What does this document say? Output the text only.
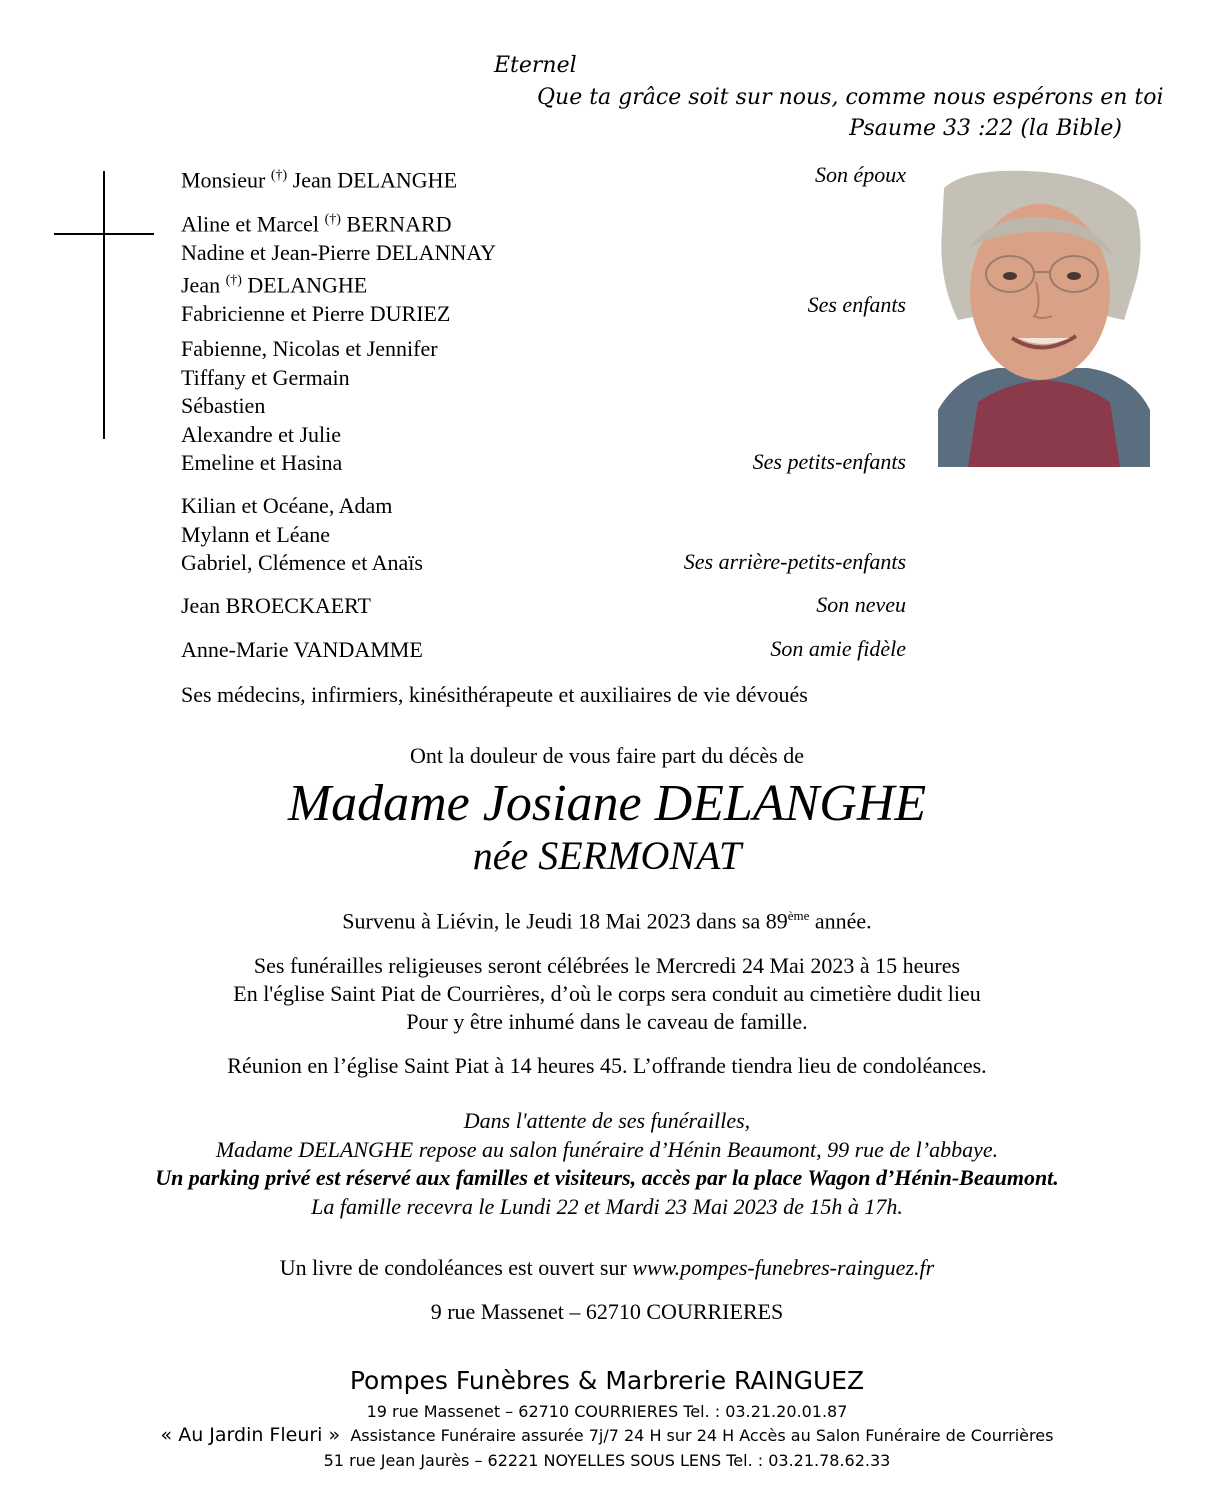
Eternel
Que ta grâce soit sur nous, comme nous espérons en toi
Psaume 33 :22 (la Bible)
Monsieur (†) Jean DELANGHE	Son époux
Aline et Marcel (†) BERNARD
Nadine et Jean-Pierre DELANNAY
Jean (†) DELANGHE
Fabricienne et Pierre DURIEZ	Ses enfants
Fabienne, Nicolas et Jennifer
Tiffany et Germain
Sébastien
Alexandre et Julie
Emeline et Hasina	Ses petits-enfants
Kilian et Océane, Adam
Mylann et Léane
Gabriel, Clémence et Anaïs	Ses arrière-petits-enfants
Jean BROECKAERT	Son neveu
Anne-Marie VANDAMME	Son amie fidèle
Ses médecins, infirmiers, kinésithérapeute et auxiliaires de vie dévoués
Ont la douleur de vous faire part du décès de
Madame Josiane DELANGHE
née SERMONAT
Survenu à Liévin, le Jeudi 18 Mai 2023 dans sa 89ème année.
Ses funérailles religieuses seront célébrées le Mercredi 24 Mai 2023 à 15 heures
En l'église Saint Piat de Courrières, d’où le corps sera conduit au cimetière dudit lieu
Pour y être inhumé dans le caveau de famille.
Réunion en l’église Saint Piat à 14 heures 45. L’offrande tiendra lieu de condoléances.
Dans l'attente de ses funérailles,
Madame DELANGHE repose au salon funéraire d’Hénin Beaumont, 99 rue de l’abbaye.
Un parking privé est réservé aux familles et visiteurs, accès par la place Wagon d’Hénin-Beaumont.
La famille recevra le Lundi 22 et Mardi 23 Mai 2023 de 15h à 17h.
Un livre de condoléances est ouvert sur www.pompes-funebres-rainguez.fr
9 rue Massenet – 62710 COURRIERES
Pompes Funèbres & Marbrerie RAINGUEZ
19 rue Massenet – 62710 COURRIERES Tel. : 03.21.20.01.87
« Au Jardin Fleuri » Assistance Funéraire assurée 7j/7 24 H sur 24 H Accès au Salon Funéraire de Courrières
51 rue Jean Jaurès – 62221 NOYELLES SOUS LENS Tel. : 03.21.78.62.33
